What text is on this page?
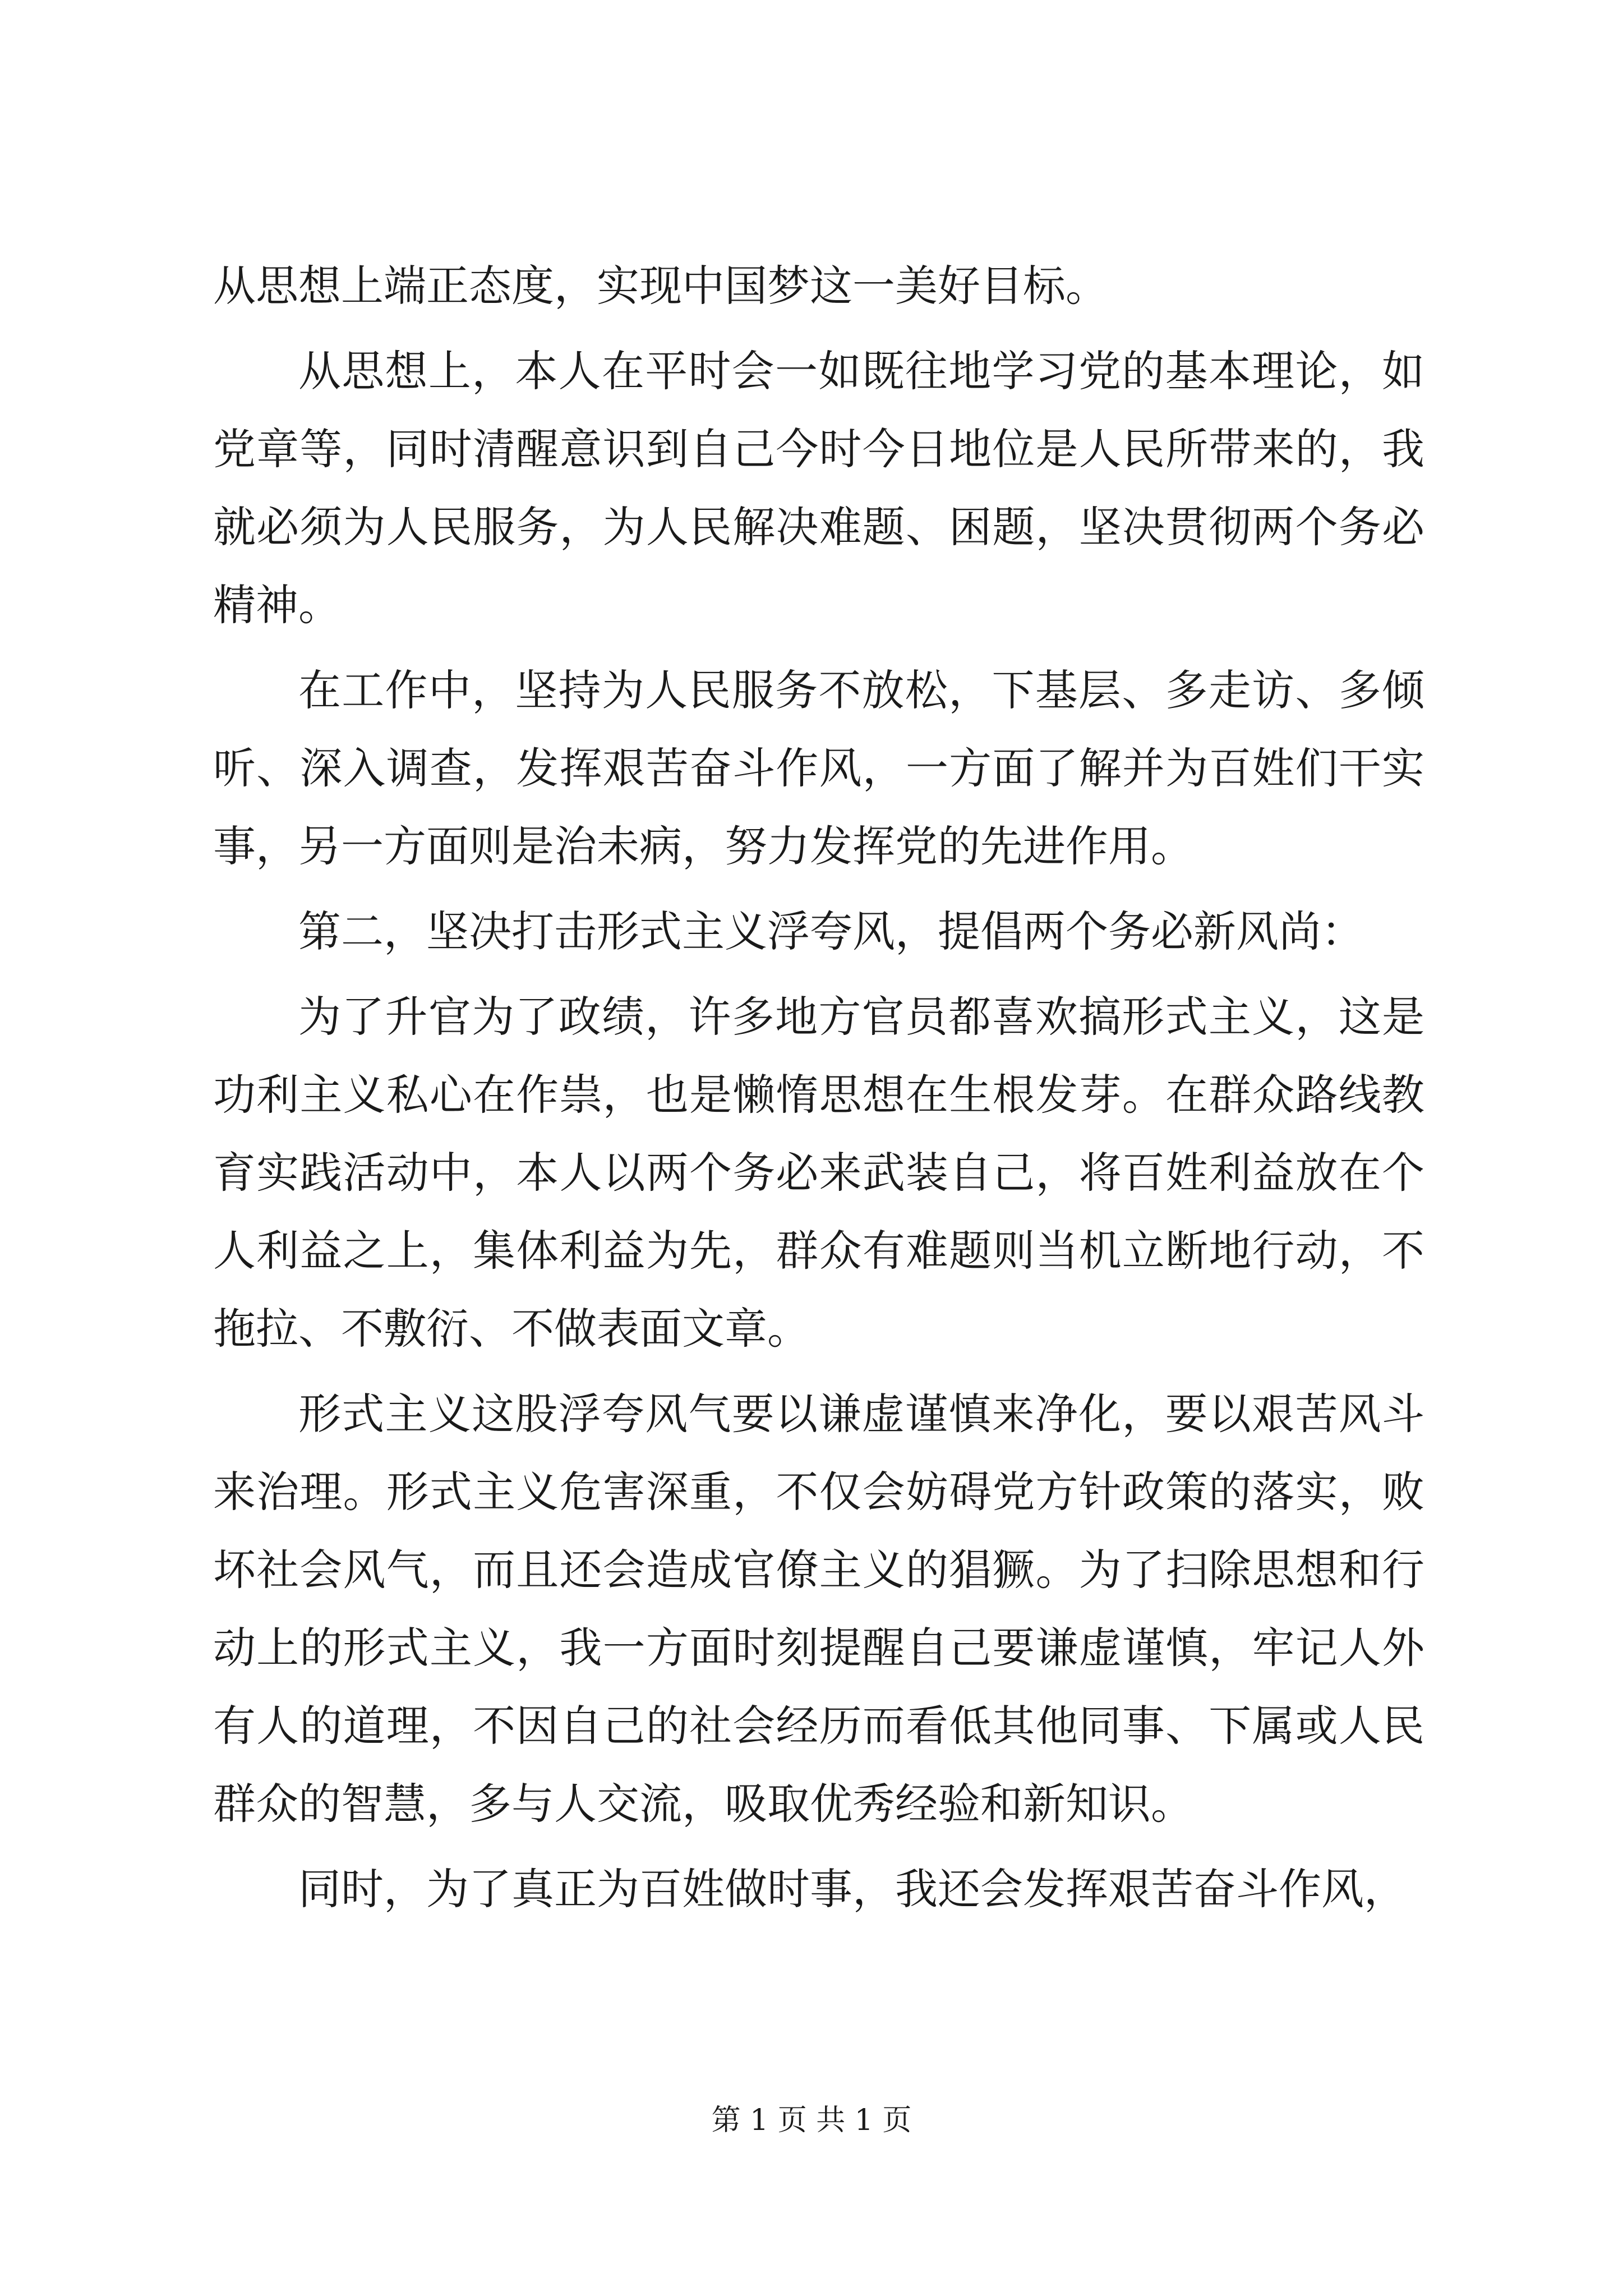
从思想上端正态度，实现中国梦这一美好目标。

从思想上，本人在平时会一如既往地学习党的基本理论，如党章等，同时清醒意识到自己今时今日地位是人民所带来的，我就必须为人民服务，为人民解决难题、困题，坚决贯彻两个务必精神。

在工作中，坚持为人民服务不放松，下基层、多走访、多倾听、深入调查，发挥艰苦奋斗作风，一方面了解并为百姓们干实事，另一方面则是治未病，努力发挥党的先进作用。

第二，坚决打击形式主义浮夸风，提倡两个务必新风尚：

为了升官为了政绩，许多地方官员都喜欢搞形式主义，这是功利主义私心在作祟，也是懒惰思想在生根发芽。在群众路线教育实践活动中，本人以两个务必来武装自己，将百姓利益放在个人利益之上，集体利益为先，群众有难题则当机立断地行动，不拖拉、不敷衍、不做表面文章。

形式主义这股浮夸风气要以谦虚谨慎来净化，要以艰苦风斗来治理。形式主义危害深重，不仅会妨碍党方针政策的落实，败坏社会风气，而且还会造成官僚主义的猖獗。为了扫除思想和行动上的形式主义，我一方面时刻提醒自己要谦虚谨慎，牢记人外有人的道理，不因自己的社会经历而看低其他同事、下属或人民群众的智慧，多与人交流，吸取优秀经验和新知识。

同时，为了真正为百姓做时事，我还会发挥艰苦奋斗作风，

第 1 页 共 1 页
